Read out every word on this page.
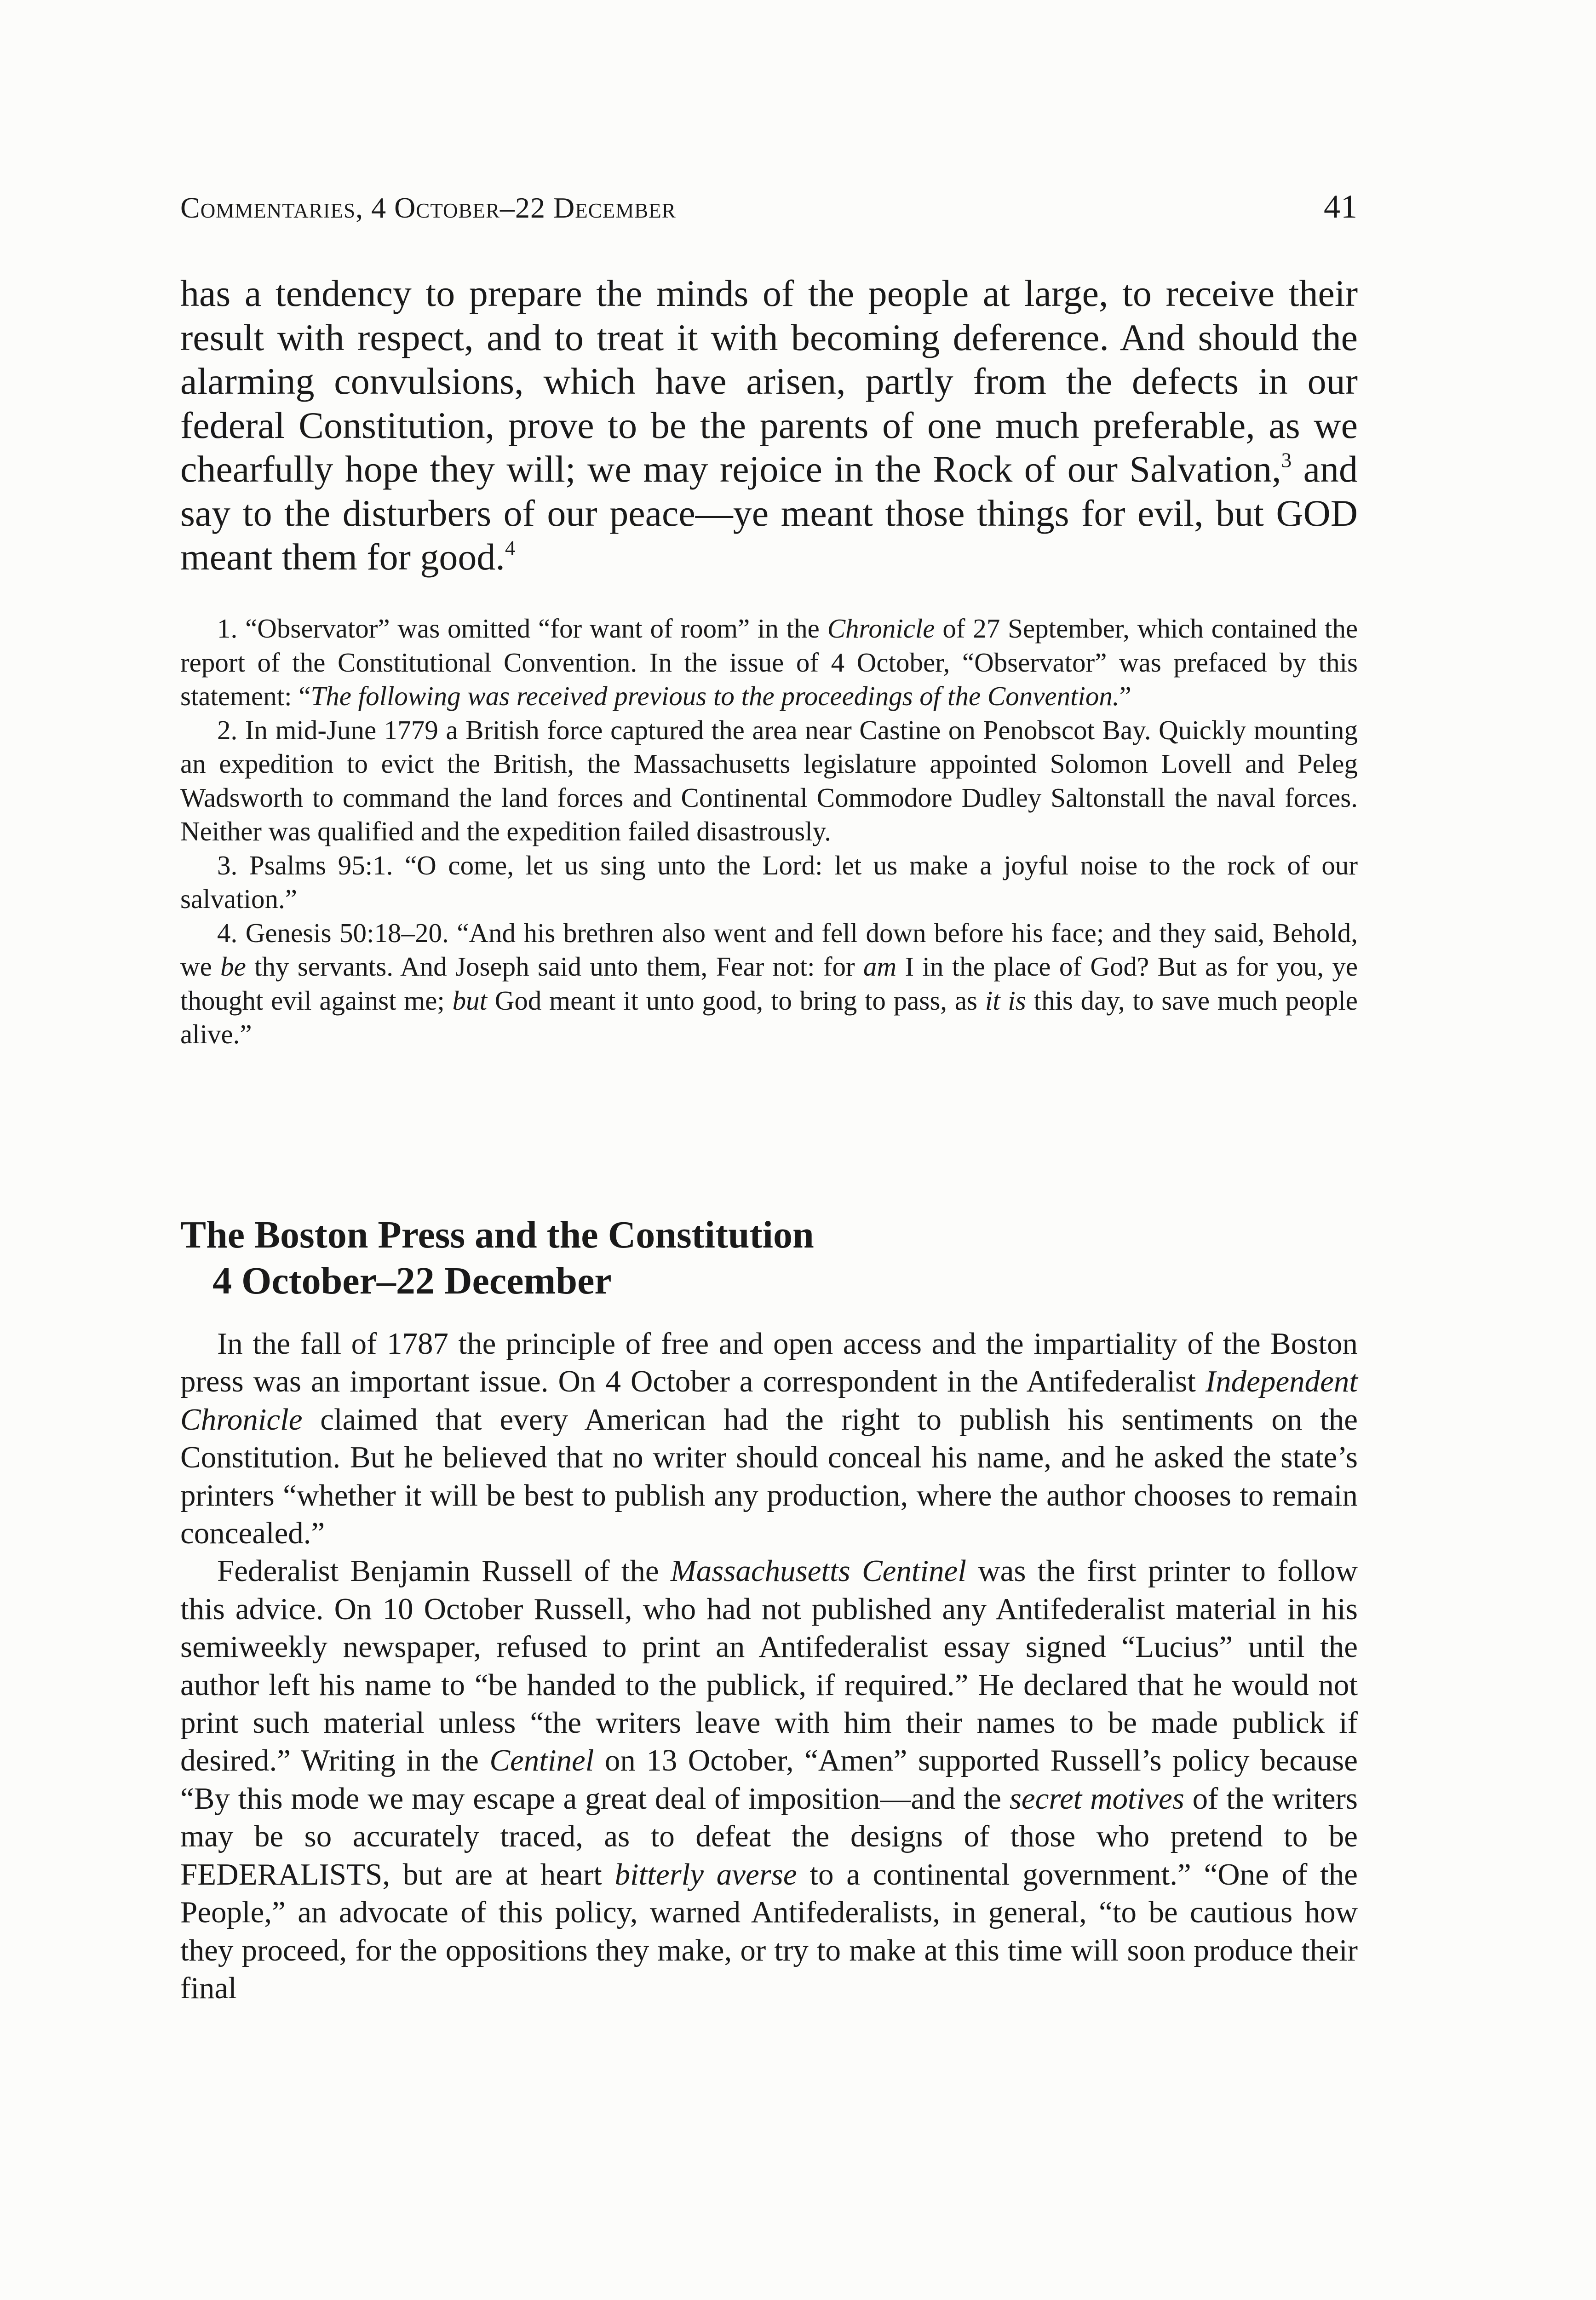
Commentaries, 4 October–22 December	41

has a tendency to prepare the minds of the people at large, to receive their result with respect, and to treat it with becoming deference. And should the alarming convulsions, which have arisen, partly from the defects in our federal Constitution, prove to be the parents of one much preferable, as we chearfully hope they will; we may rejoice in the Rock of our Salvation,$^3$ and say to the disturbers of our peace—ye meant those things for evil, but GOD meant them for good.$^4$

1. “Observator” was omitted “for want of room” in the Chronicle of 27 September, which contained the report of the Constitutional Convention. In the issue of 4 October, “Observator” was prefaced by this statement: “The following was received previous to the proceedings of the Convention.”

2. In mid-June 1779 a British force captured the area near Castine on Penobscot Bay. Quickly mounting an expedition to evict the British, the Massachusetts legislature appointed Solomon Lovell and Peleg Wadsworth to command the land forces and Continental Commodore Dudley Saltonstall the naval forces. Neither was qualified and the expedition failed disastrously.

3. Psalms 95:1. “O come, let us sing unto the Lord: let us make a joyful noise to the rock of our salvation.”

4. Genesis 50:18–20. “And his brethren also went and fell down before his face; and they said, Behold, we be thy servants. And Joseph said unto them, Fear not: for am I in the place of God? But as for you, ye thought evil against me; but God meant it unto good, to bring to pass, as it is this day, to save much people alive.”

The Boston Press and the Constitution
4 October–22 December

In the fall of 1787 the principle of free and open access and the impartiality of the Boston press was an important issue. On 4 October a correspondent in the Antifederalist Independent Chronicle claimed that every American had the right to publish his sentiments on the Constitution. But he believed that no writer should conceal his name, and he asked the state’s printers “whether it will be best to publish any production, where the author chooses to remain concealed.”

Federalist Benjamin Russell of the Massachusetts Centinel was the first printer to follow this advice. On 10 October Russell, who had not published any Antifederalist material in his semiweekly newspaper, refused to print an Antifederalist essay signed “Lucius” until the author left his name to “be handed to the publick, if required.” He declared that he would not print such material unless “the writers leave with him their names to be made publick if desired.” Writing in the Centinel on 13 October, “Amen” supported Russell’s policy because “By this mode we may escape a great deal of imposition—and the secret motives of the writers may be so accurately traced, as to defeat the designs of those who pretend to be FEDERALISTS, but are at heart bitterly averse to a continental government.” “One of the People,” an advocate of this policy, warned Antifederalists, in general, “to be cautious how they proceed, for the oppositions they make, or try to make at this time will soon produce their final
